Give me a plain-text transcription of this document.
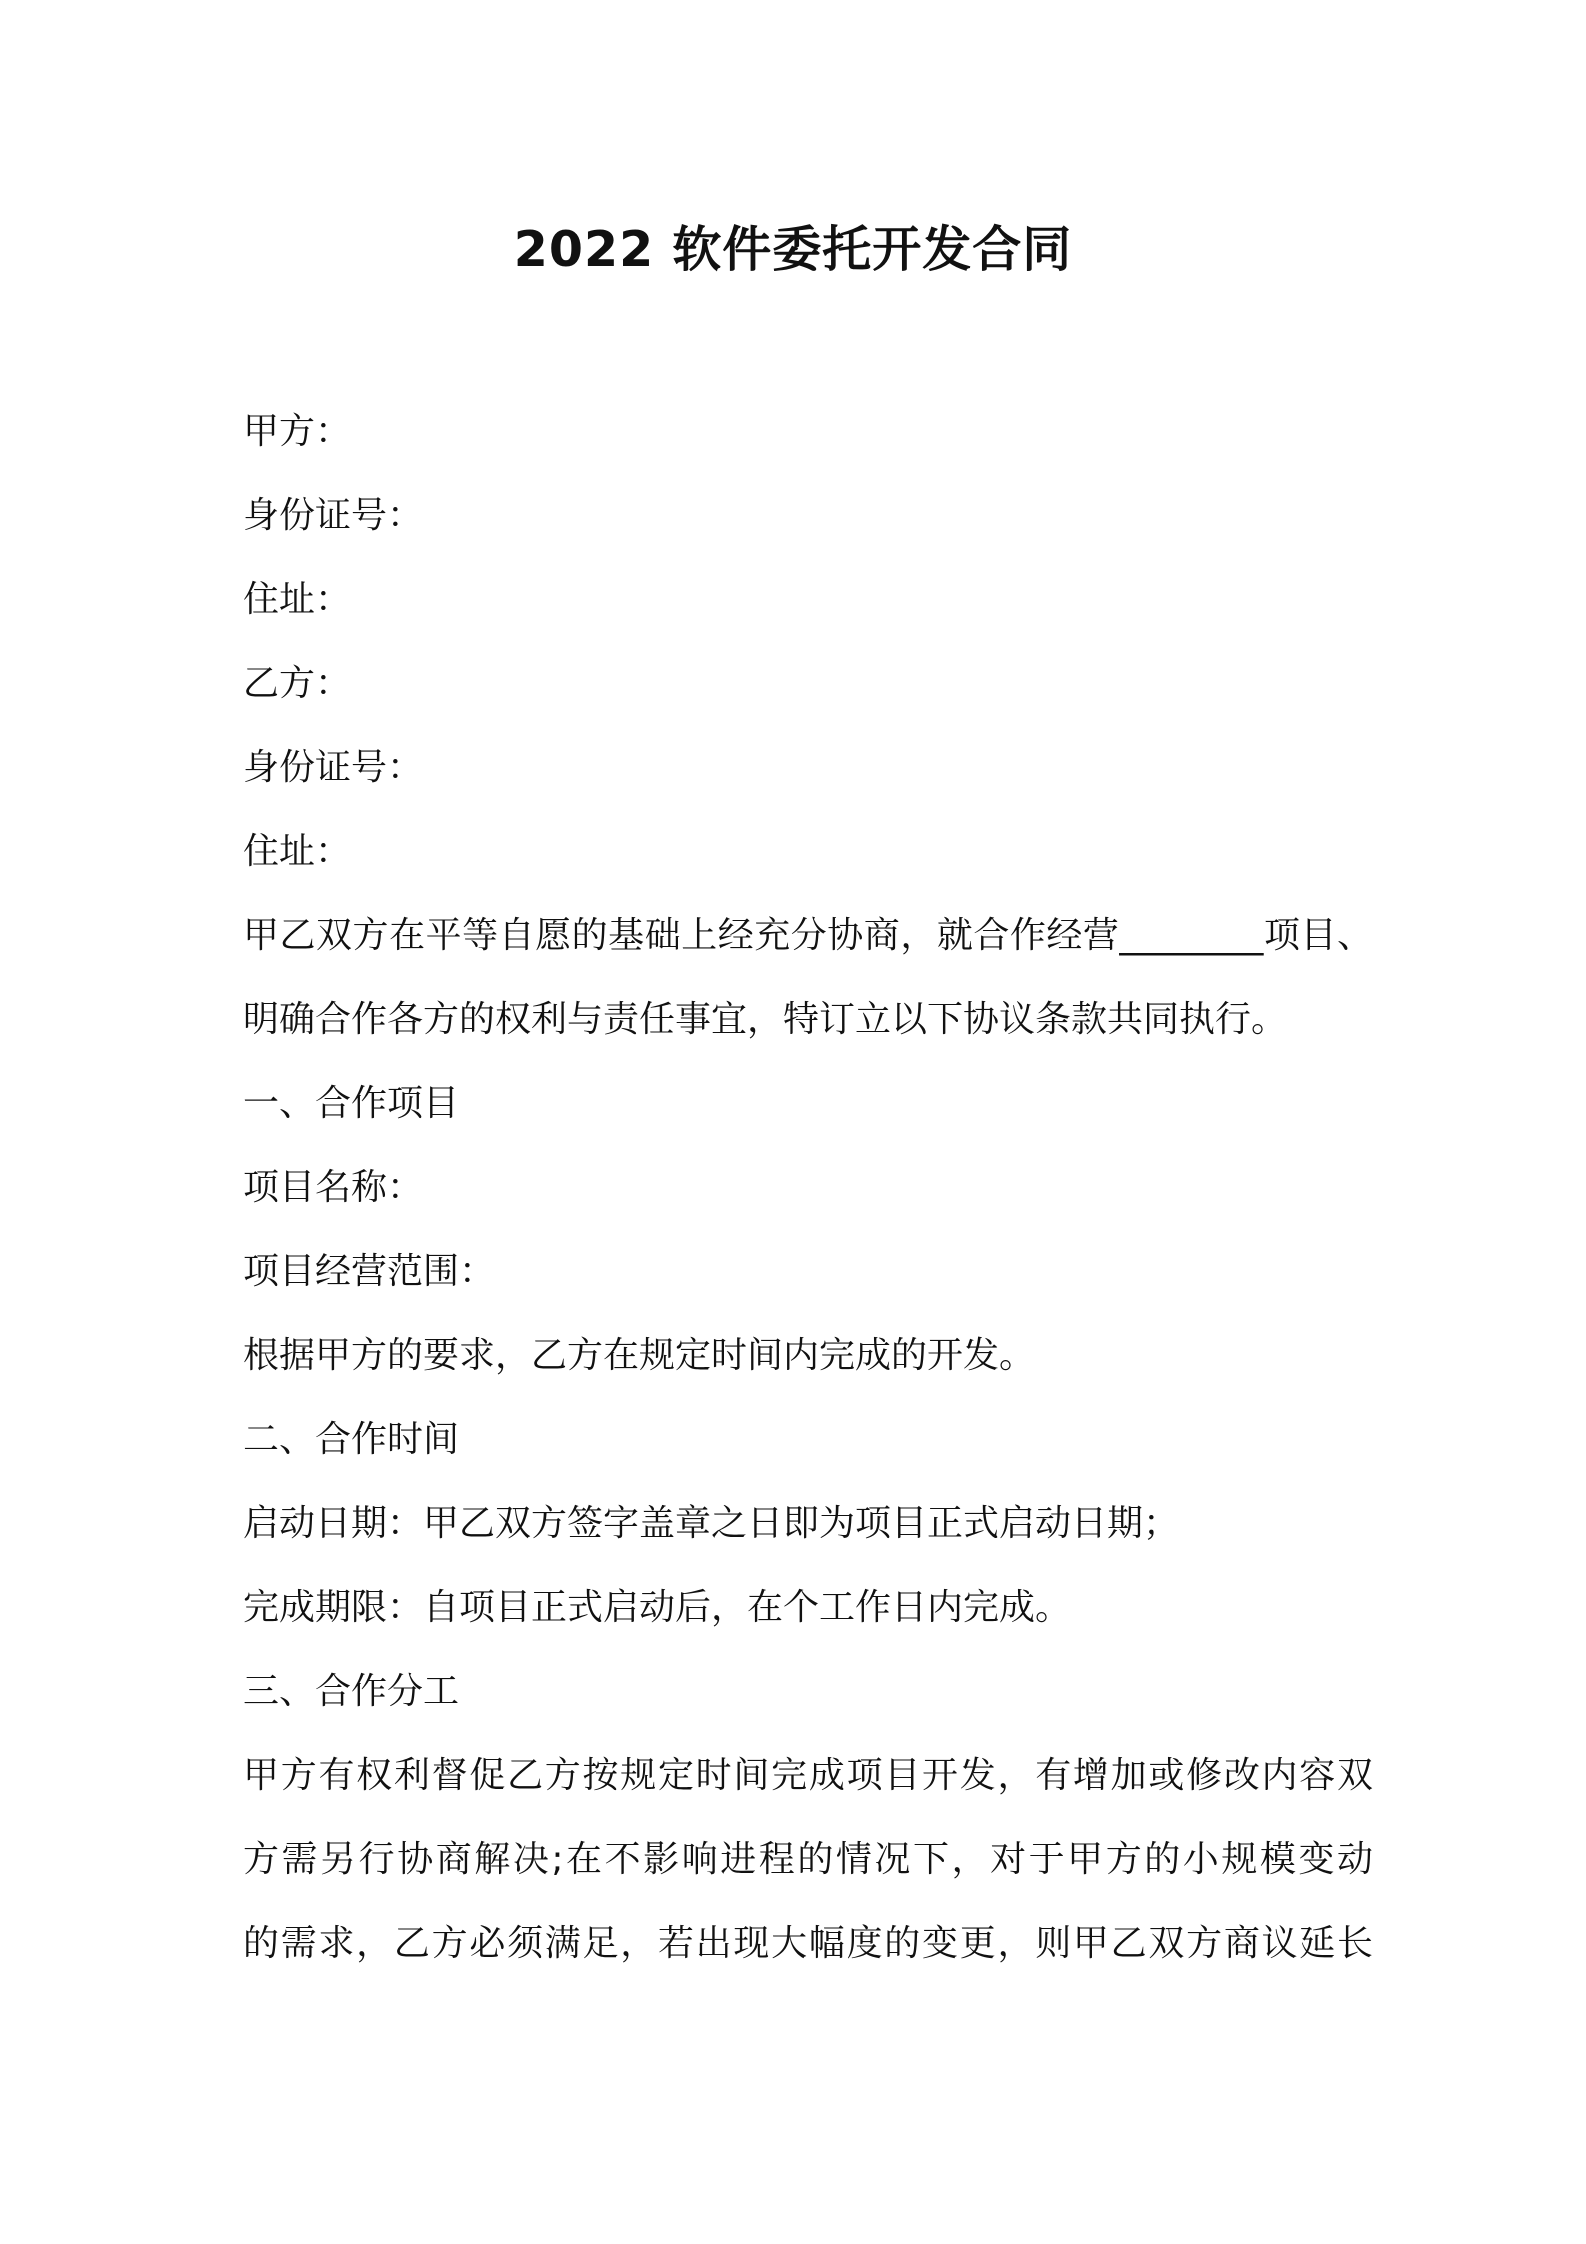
2022 软件委托开发合同
甲方：
身份证号：
住址：
乙方：
身份证号：
住址：
甲乙双方在平等自愿的基础上经充分协商，就合作经营________项目、
明确合作各方的权利与责任事宜，特订立以下协议条款共同执行。
一、合作项目
项目名称：
项目经营范围：
根据甲方的要求，乙方在规定时间内完成的开发。
二、合作时间
启动日期：甲乙双方签字盖章之日即为项目正式启动日期；
完成期限：自项目正式启动后，在个工作日内完成。
三、合作分工
甲方有权利督促乙方按规定时间完成项目开发，有增加或修改内容双
方需另行协商解决;在不影响进程的情况下，对于甲方的小规模变动
的需求，乙方必须满足，若出现大幅度的变更，则甲乙双方商议延长
